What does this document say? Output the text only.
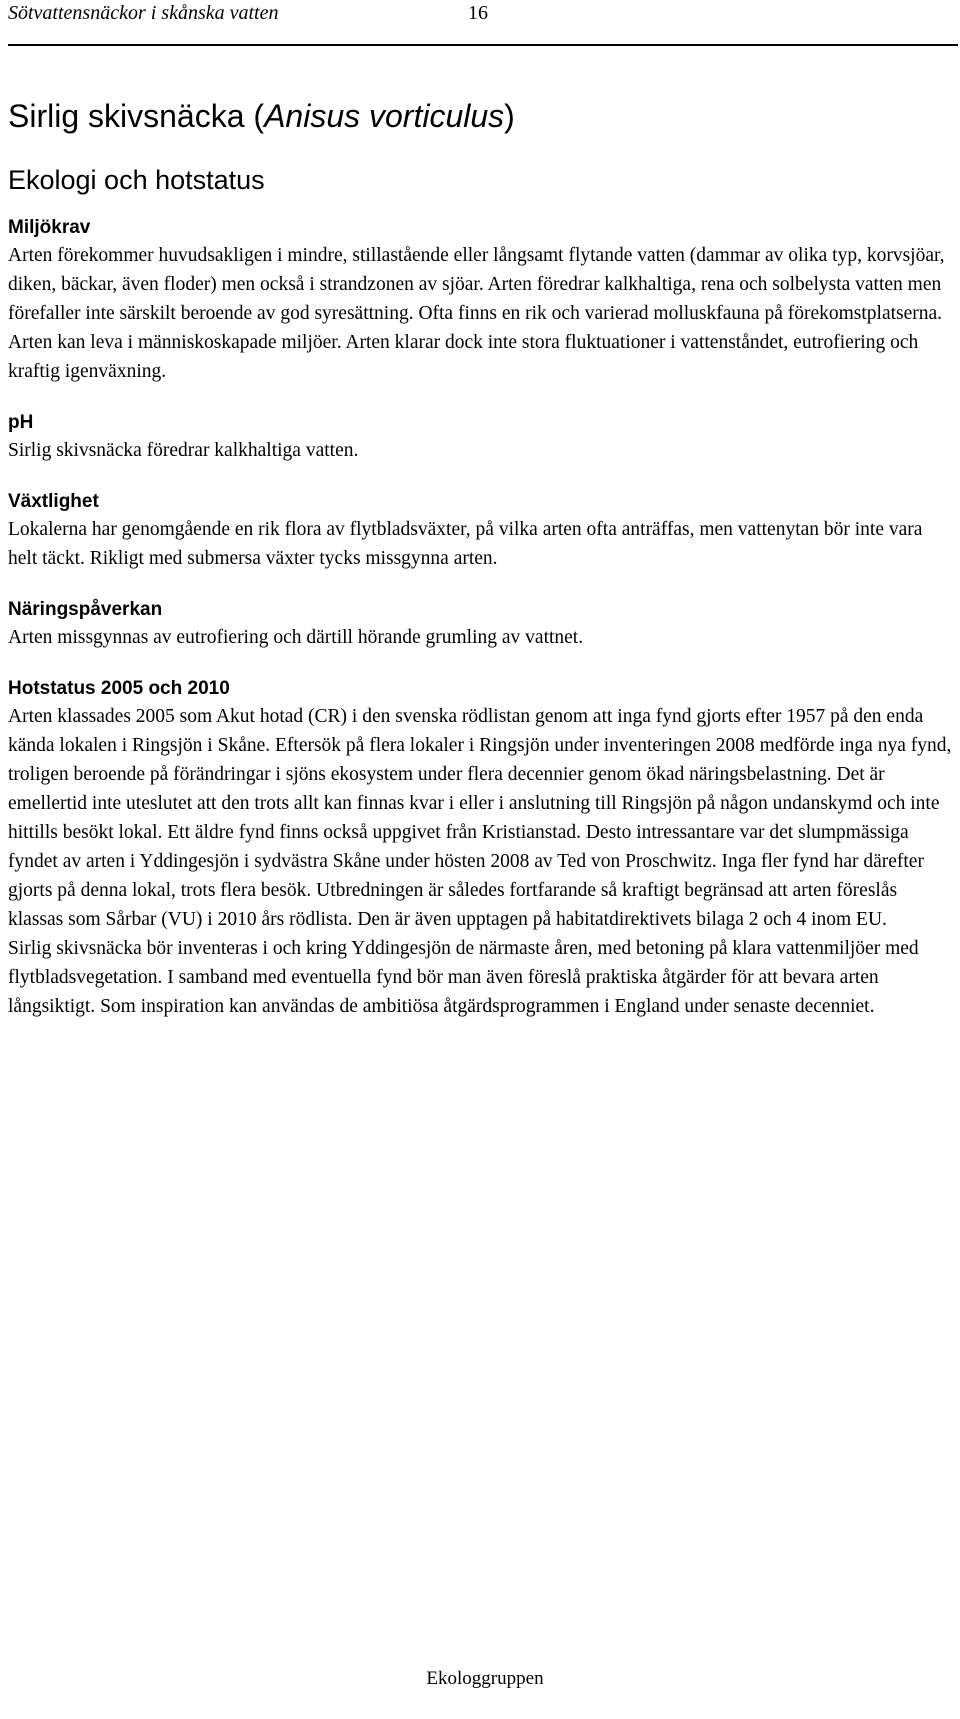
Sötvattensnäckor i skånska vatten	16
Sirlig skivsnäcka (Anisus vorticulus)
Ekologi och hotstatus
Miljökrav

Arten förekommer huvudsakligen i mindre, stillastående eller långsamt flytande vatten (dammar av olika typ, korvsjöar, diken, bäckar, även floder) men också i strandzonen av sjöar. Arten föredrar kalkhaltiga, rena och solbelysta vatten men förefaller inte särskilt beroende av god syresättning. Ofta finns en rik och varierad molluskfauna på förekomstplatserna. Arten kan leva i människoskapade miljöer. Arten klarar dock inte stora fluktuationer i vattenståndet, eutrofiering och kraftig igenväxning.

pH

Sirlig skivsnäcka föredrar kalkhaltiga vatten.

Växtlighet

Lokalerna har genomgående en rik flora av flytbladsväxter, på vilka arten ofta anträffas, men vattenytan bör inte vara helt täckt. Rikligt med submersa växter tycks missgynna arten.

Näringspåverkan

Arten missgynnas av eutrofiering och därtill hörande grumling av vattnet.

Hotstatus 2005 och 2010

Arten klassades 2005 som Akut hotad (CR) i den svenska rödlistan genom att inga fynd gjorts efter 1957 på den enda kända lokalen i Ringsjön i Skåne. Eftersök på flera lokaler i Ringsjön under inventeringen 2008 medförde inga nya fynd, troligen beroende på förändringar i sjöns ekosystem under flera decennier genom ökad näringsbelastning. Det är emellertid inte uteslutet att den trots allt kan finnas kvar i eller i anslutning till Ringsjön på någon undanskymd och inte hittills besökt lokal. Ett äldre fynd finns också uppgivet från Kristianstad. Desto intressantare var det slumpmässiga fyndet av arten i Yddingesjön i sydvästra Skåne under hösten 2008 av Ted von Proschwitz. Inga fler fynd har därefter gjorts på denna lokal, trots flera besök. Utbredningen är således fortfarande så kraftigt begränsad att arten föreslås klassas som Sårbar (VU) i 2010 års rödlista. Den är även upptagen på habitatdirektivets bilaga 2 och 4 inom EU.

Sirlig skivsnäcka bör inventeras i och kring Yddingesjön de närmaste åren, med betoning på klara vattenmiljöer med flytbladsvegetation. I samband med eventuella fynd bör man även föreslå praktiska åtgärder för att bevara arten långsiktigt. Som inspiration kan användas de ambitiösa åtgärdsprogrammen i England under senaste decenniet.

Ekologgruppen
